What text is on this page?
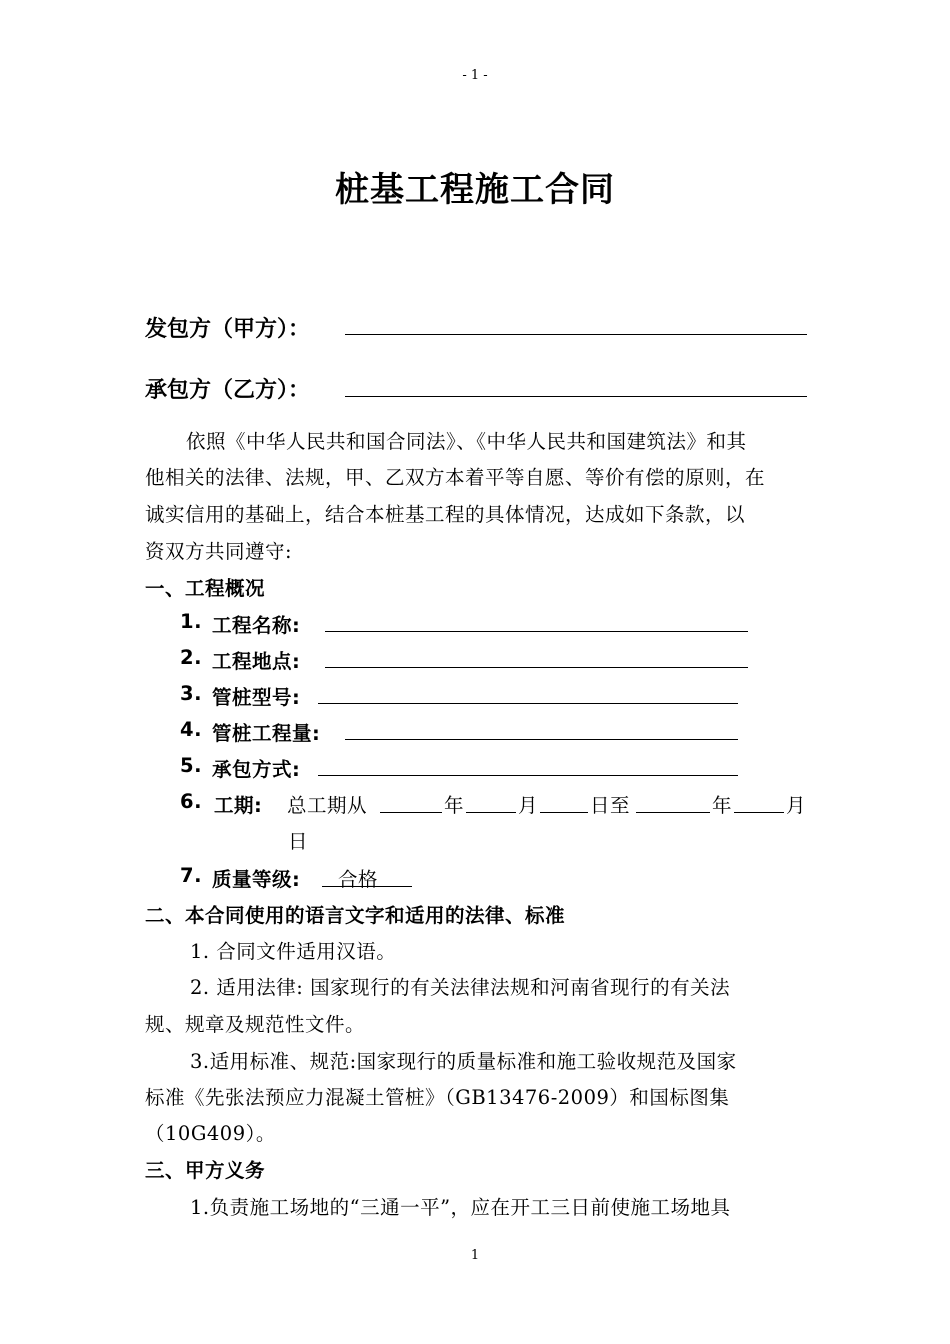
- 1 -
桩基工程施工合同
发包方（甲方）：
承包方（乙方）：
依照《中华人民共和国合同法》、《中华人民共和国建筑法》和其
他相关的法律、法规，甲、乙双方本着平等自愿、等价有偿的原则，在
诚实信用的基础上，结合本桩基工程的具体情况，达成如下条款，以
资双方共同遵守:
一、工程概况
1. 工程名称:
2. 工程地点:
3. 管桩型号:
4. 管桩工程量:
5. 承包方式:
6. 工期: 总工期从	年	月	日至	年	月
日
7. 质量等级: 合格
二、本合同使用的语言文字和适用的法律、标准
1. 合同文件适用汉语。
2. 适用法律: 国家现行的有关法律法规和河南省现行的有关法
规、规章及规范性文件。
3.适用标准、规范:国家现行的质量标准和施工验收规范及国家
标准《先张法预应力混凝土管桩》（GB13476-2009）和国标图集
（10G409）。
三、甲方义务
1.负责施工场地的“三通一平”，应在开工三日前使施工场地具
1
